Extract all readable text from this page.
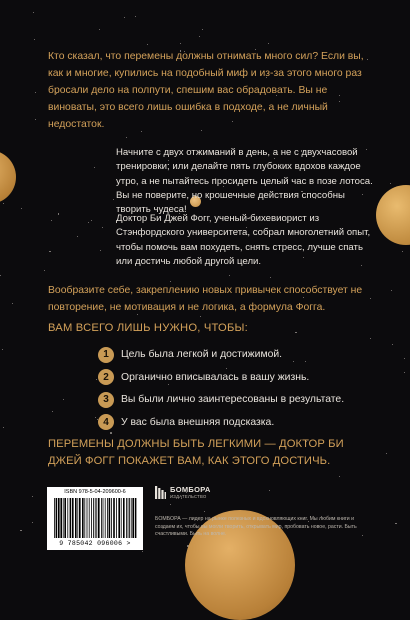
Кто сказал, что перемены должны отнимать много сил? Если вы, как и многие, купились на подобный миф и из-за этого много раз бросали дело на полпути, спешим вас обрадовать. Вы не виноваты, это всего лишь ошибка в подходе, а не личный недостаток.

Начните с двух отжиманий в день, а не с двухчасовой тренировки; или делайте пять глубоких вдохов каждое утро, а не пытайтесь просидеть целый час в позе лотоса. Вы не поверите, но крошечные действия способны творить чудеса!

Доктор Би Джей Фогг, ученый-бихевиорист из Стэнфордского университета, собрал многолетний опыт, чтобы помочь вам похудеть, снять стресс, лучше спать или достичь любой другой цели.

Вообразите себе, закреплению новых привычек способствует не повторение, не мотивация и не логика, а формула Фогга.

ВАМ ВСЕГО ЛИШЬ НУЖНО, ЧТОБЫ:

1	Цель была легкой и достижимой.
2	Органично вписывалась в вашу жизнь.
3	Вы были лично заинтересованы в результате.
4	У вас была внешняя подсказка.

ПЕРЕМЕНЫ ДОЛЖНЫ БЫТЬ ЛЕГКИМИ — ДОКТОР БИ ДЖЕЙ ФОГГ ПОКАЖЕТ ВАМ, КАК ЭТОГО ДОСТИЧЬ.

ISBN 978-5-04-209600-6
9 785042 096006 >
БОМБОРА
ИЗДАТЕЛЬСТВО

БОМБОРА — лидер на рынке полезных и вдохновляющих книг. Мы любим книги и создаем их, чтобы вы могли творить, открывать мир, пробовать новое, расти. Быть счастливыми. Быть на волне.
